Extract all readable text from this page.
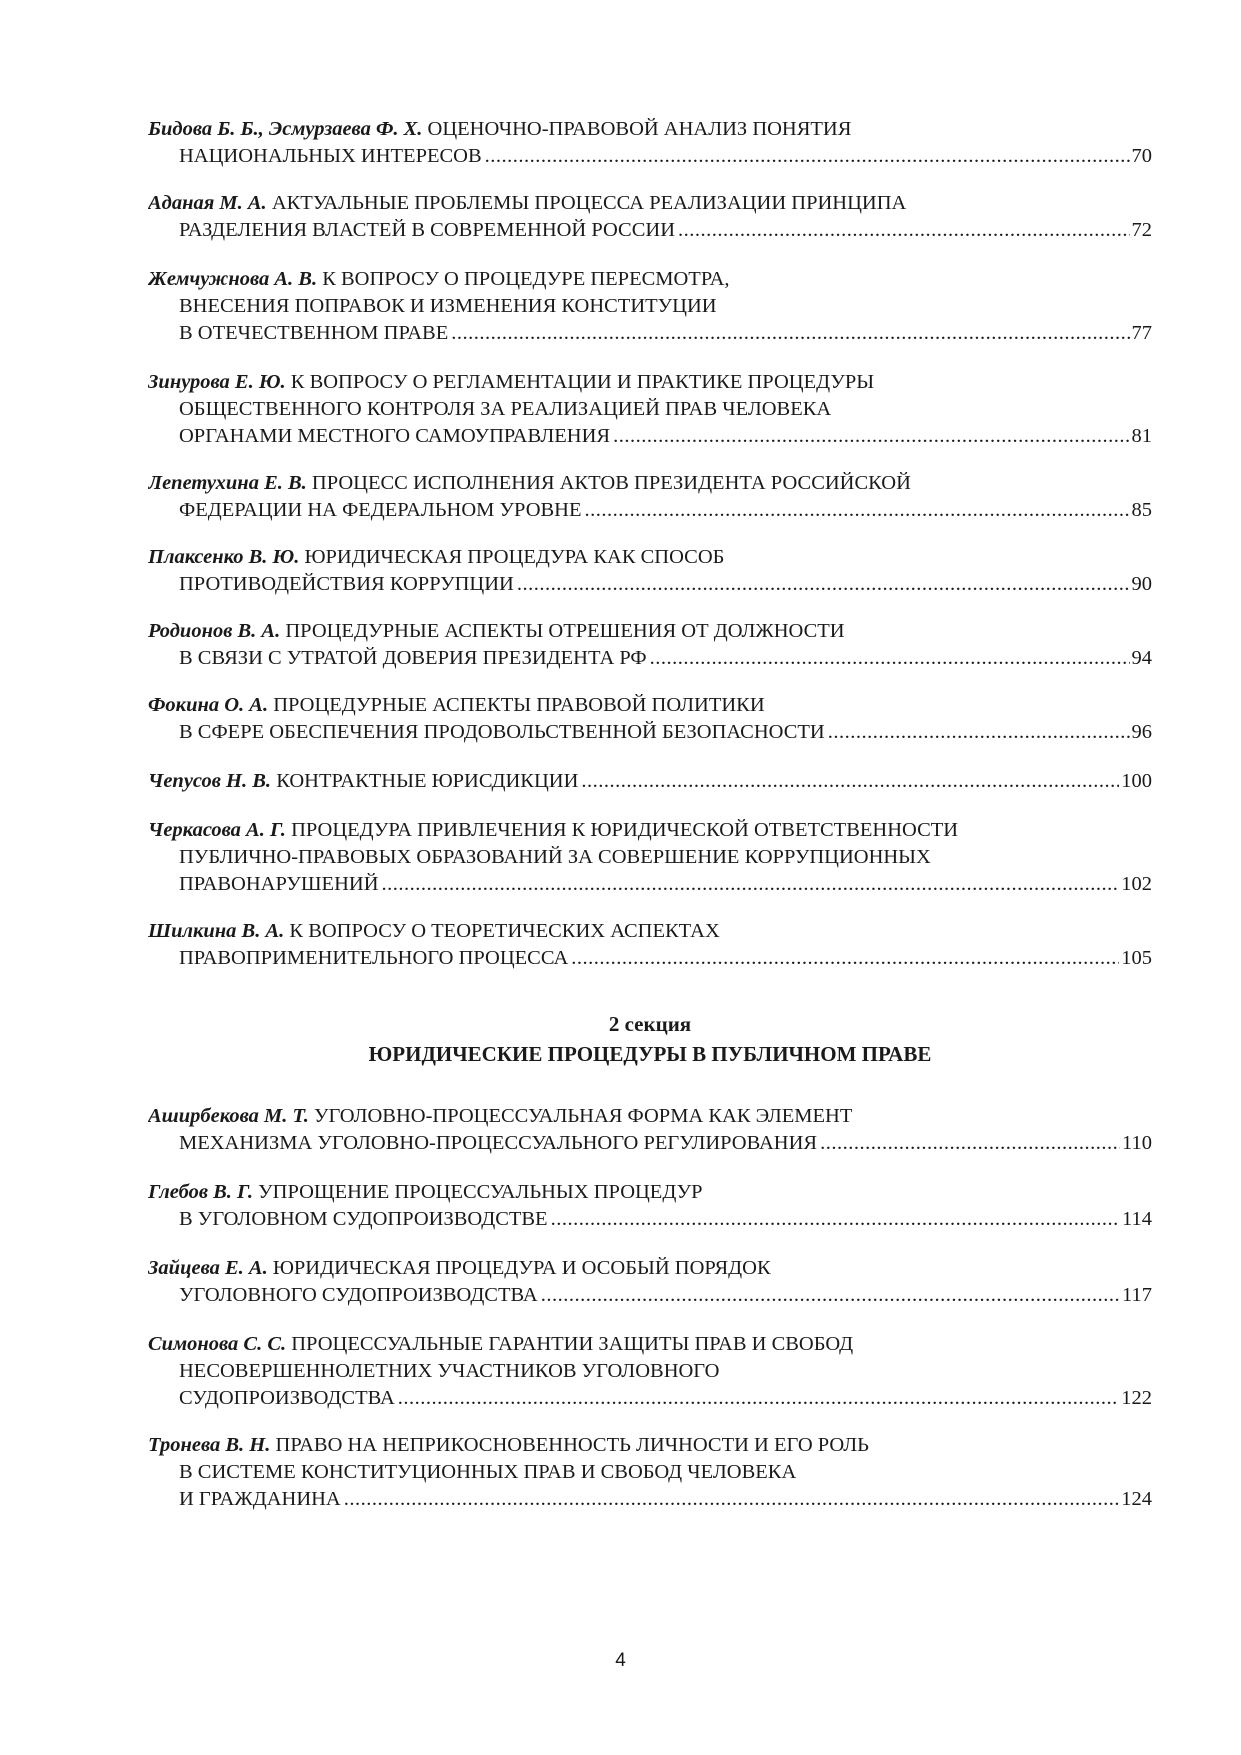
Бидова Б. Б., Эсмурзаева Ф. Х. ОЦЕНОЧНО-ПРАВОВОЙ АНАЛИЗ ПОНЯТИЯ
НАЦИОНАЛЬНЫХ ИНТЕРЕСОВ .....	70
Аданая М. А. АКТУАЛЬНЫЕ ПРОБЛЕМЫ ПРОЦЕССА РЕАЛИЗАЦИИ ПРИНЦИПА
РАЗДЕЛЕНИЯ ВЛАСТЕЙ В СОВРЕМЕННОЙ РОССИИ .....	72
Жемчужнова А. В. К ВОПРОСУ О ПРОЦЕДУРЕ ПЕРЕСМОТРА,
ВНЕСЕНИЯ ПОПРАВОК И ИЗМЕНЕНИЯ КОНСТИТУЦИИ
В ОТЕЧЕСТВЕННОМ ПРАВЕ .....	77
Зинурова Е. Ю. К ВОПРОСУ О РЕГЛАМЕНТАЦИИ И ПРАКТИКЕ ПРОЦЕДУРЫ
ОБЩЕСТВЕННОГО КОНТРОЛЯ ЗА РЕАЛИЗАЦИЕЙ ПРАВ ЧЕЛОВЕКА
ОРГАНАМИ МЕСТНОГО САМОУПРАВЛЕНИЯ .....	81
Лепетухина Е. В. ПРОЦЕСС ИСПОЛНЕНИЯ АКТОВ ПРЕЗИДЕНТА РОССИЙСКОЙ
ФЕДЕРАЦИИ НА ФЕДЕРАЛЬНОМ УРОВНЕ .....	85
Плаксенко В. Ю. ЮРИДИЧЕСКАЯ ПРОЦЕДУРА КАК СПОСОБ
ПРОТИВОДЕЙСТВИЯ КОРРУПЦИИ .....	90
Родионов В. А. ПРОЦЕДУРНЫЕ АСПЕКТЫ ОТРЕШЕНИЯ ОТ ДОЛЖНОСТИ
В СВЯЗИ С УТРАТОЙ ДОВЕРИЯ ПРЕЗИДЕНТА РФ .....	94
Фокина О. А. ПРОЦЕДУРНЫЕ АСПЕКТЫ ПРАВОВОЙ ПОЛИТИКИ
В СФЕРЕ ОБЕСПЕЧЕНИЯ ПРОДОВОЛЬСТВЕННОЙ БЕЗОПАСНОСТИ .....	96
Чепусов Н. В. КОНТРАКТНЫЕ ЮРИСДИКЦИИ .....	100
Черкасова А. Г. ПРОЦЕДУРА ПРИВЛЕЧЕНИЯ К ЮРИДИЧЕСКОЙ ОТВЕТСТВЕННОСТИ
ПУБЛИЧНО-ПРАВОВЫХ ОБРАЗОВАНИЙ ЗА СОВЕРШЕНИЕ КОРРУПЦИОННЫХ
ПРАВОНАРУШЕНИЙ .....	102
Шилкина В. А. К ВОПРОСУ О ТЕОРЕТИЧЕСКИХ АСПЕКТАХ
ПРАВОПРИМЕНИТЕЛЬНОГО ПРОЦЕССА .....	105
2 секция
ЮРИДИЧЕСКИЕ ПРОЦЕДУРЫ В ПУБЛИЧНОМ ПРАВЕ
Аширбекова М. Т. УГОЛОВНО-ПРОЦЕССУАЛЬНАЯ ФОРМА КАК ЭЛЕМЕНТ
МЕХАНИЗМА УГОЛОВНО-ПРОЦЕССУАЛЬНОГО РЕГУЛИРОВАНИЯ .....	110
Глебов В. Г. УПРОЩЕНИЕ ПРОЦЕССУАЛЬНЫХ ПРОЦЕДУР
В УГОЛОВНОМ СУДОПРОИЗВОДСТВЕ .....	114
Зайцева Е. А. ЮРИДИЧЕСКАЯ ПРОЦЕДУРА И ОСОБЫЙ ПОРЯДОК
УГОЛОВНОГО СУДОПРОИЗВОДСТВА .....	117
Симонова С. С. ПРОЦЕССУАЛЬНЫЕ ГАРАНТИИ ЗАЩИТЫ ПРАВ И СВОБОД
НЕСОВЕРШЕННОЛЕТНИХ УЧАСТНИКОВ УГОЛОВНОГО
СУДОПРОИЗВОДСТВА .....	122
Тронева В. Н. ПРАВО НА НЕПРИКОСНОВЕННОСТЬ ЛИЧНОСТИ И ЕГО РОЛЬ
В СИСТЕМЕ КОНСТИТУЦИОННЫХ ПРАВ И СВОБОД ЧЕЛОВЕКА
И ГРАЖДАНИНА .....	124
4
